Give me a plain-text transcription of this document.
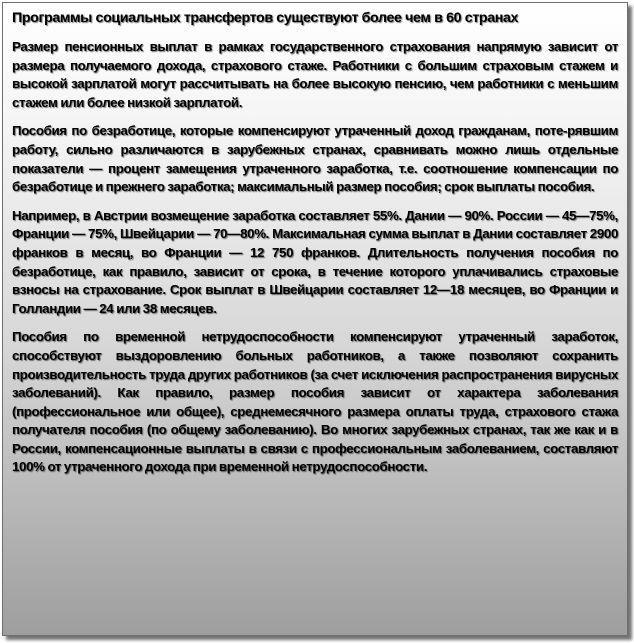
Программы социальных трансфертов существуют более чем в 60 странах

Размер пенсионных выплат в рамках государственного страхования напрямую зависит от размера получаемого дохода, страхового стаже. Работники с большим страховым стажем и высокой зарплатой могут рассчитывать на более высокую пенсию, чем работники с меньшим стажем или более низкой зарплатой.

Пособия по безработице, которые компенсируют утраченный доход гражданам, поте-рявшим работу, сильно различаются в зарубежных странах, сравнивать можно лишь отдельные показатели — процент замещения утраченного заработка, т.е. соотношение компенсации по безработице и прежнего заработка; максимальный размер пособия; срок выплаты пособия.

Например, в Австрии возмещение заработка составляет 55%. Дании — 90%. России — 45—75%, Франции — 75%, Швейцарии — 70—80%. Максимальная сумма выплат в Дании составляет 2900 франков в месяц, во Франции — 12 750 франков. Длительность получения пособия по безработице, как правило, зависит от срока, в течение которого уплачивались страховые взносы на страхование. Срок выплат в Швейцарии составляет 12—18 месяцев, во Франции и Голландии — 24 или 38 месяцев.

Пособия по временной нетрудоспособности компенсируют утраченный заработок, способствуют выздоровлению больных работников, а также позволяют сохранить производительность труда других работников (за счет исключения распространения вирусных заболеваний). Как правило, размер пособия зависит от характера заболевания (профессиональное или общее), среднемесячного размера оплаты труда, страхового стажа получателя пособия (по общему заболеванию). Во многих зарубежных странах, так же как и в России, компенсационные выплаты в связи с профессиональным заболеванием, составляют 100% от утраченного дохода при временной нетрудоспособности.
